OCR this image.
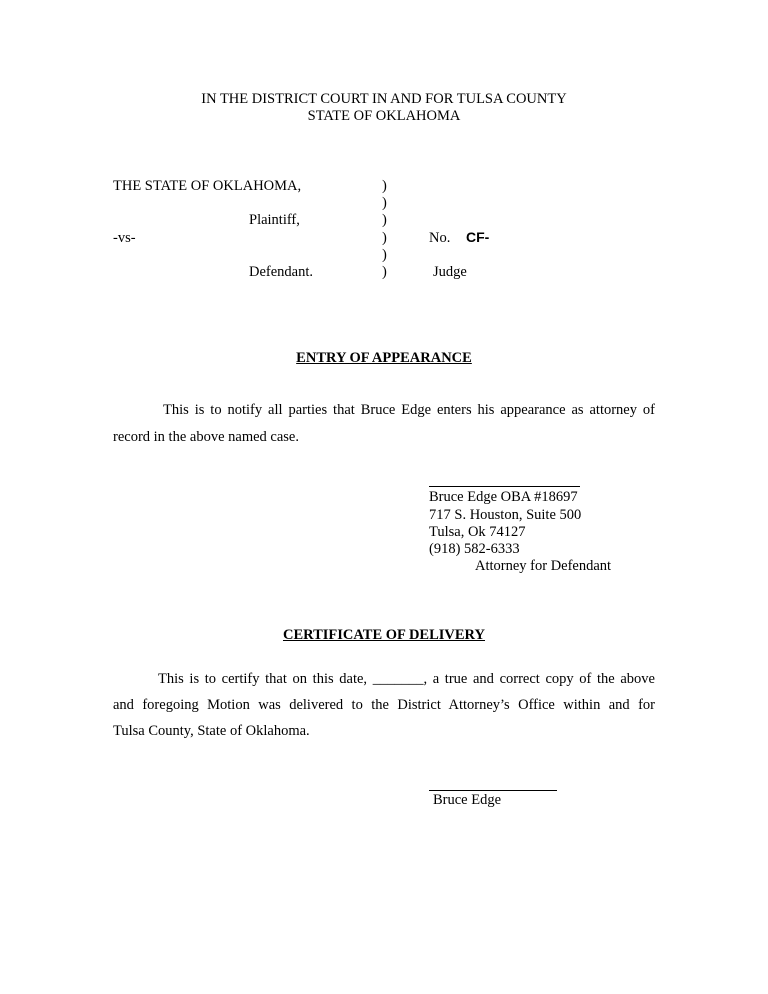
IN THE DISTRICT COURT IN AND FOR TULSA COUNTY
STATE OF OKLAHOMA
THE STATE OF OKLAHOMA,
Plaintiff,
-vs-
Defendant.
)
)
)
)
)
)
No. CF-
Judge
ENTRY OF APPEARANCE
This is to notify all parties that Bruce Edge enters his appearance as attorney of
record in the above named case.
Bruce Edge OBA #18697
717 S. Houston, Suite 500
Tulsa, Ok 74127
(918) 582-6333
Attorney for Defendant
CERTIFICATE OF DELIVERY
This is to certify that on this date, _______, a true and correct copy of the above
and foregoing Motion was delivered to the District Attorney’s Office within and for
Tulsa County, State of Oklahoma.
Bruce Edge
